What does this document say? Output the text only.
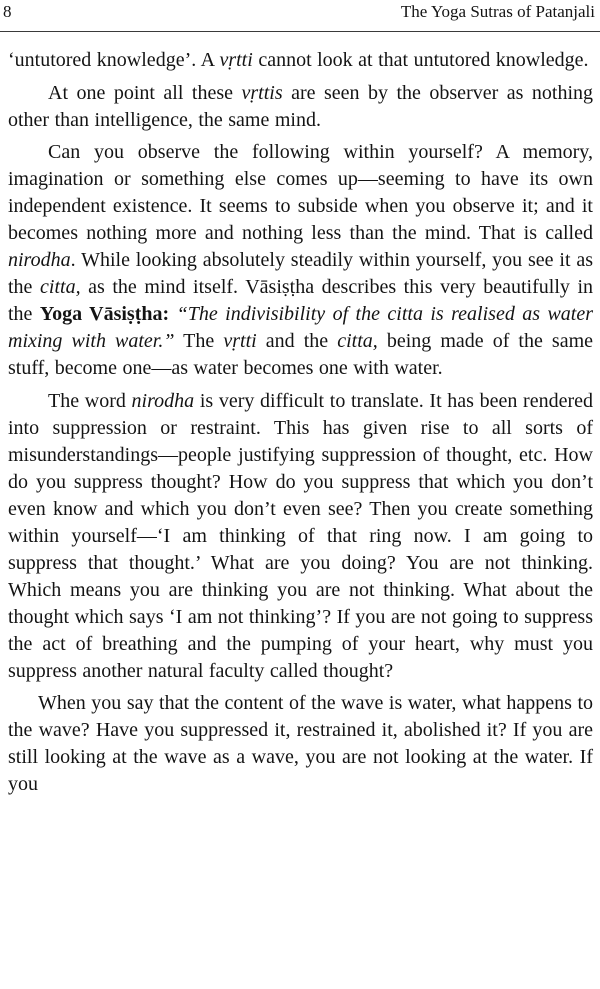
8	The Yoga Sutras of Patanjali

‘untutored knowledge’. A vṛtti cannot look at that untutored knowledge.

At one point all these vṛttis are seen by the observer as nothing other than intelligence, the same mind.

Can you observe the following within yourself? A memory, imagination or something else comes up—seeming to have its own independent existence. It seems to subside when you observe it; and it becomes nothing more and nothing less than the mind. That is called nirodha. While looking absolutely steadily within yourself, you see it as the citta, as the mind itself. Vāsiṣṭha describes this very beautifully in the Yoga Vāsiṣṭha: “The indivisibility of the citta is realised as water mixing with water.” The vṛtti and the citta, being made of the same stuff, become one—as water becomes one with water.

The word nirodha is very difficult to translate. It has been rendered into suppression or restraint. This has given rise to all sorts of misunderstandings—people justifying suppression of thought, etc. How do you suppress thought? How do you suppress that which you don’t even know and which you don’t even see? Then you create something within yourself—‘I am thinking of that ring now. I am going to suppress that thought.’ What are you doing? You are not thinking. Which means you are thinking you are not thinking. What about the thought which says ‘I am not thinking’? If you are not going to suppress the act of breathing and the pumping of your heart, why must you suppress another natural faculty called thought?

When you say that the content of the wave is water, what happens to the wave? Have you suppressed it, restrained it, abolished it? If you are still looking at the wave as a wave, you are not looking at the water. If you
